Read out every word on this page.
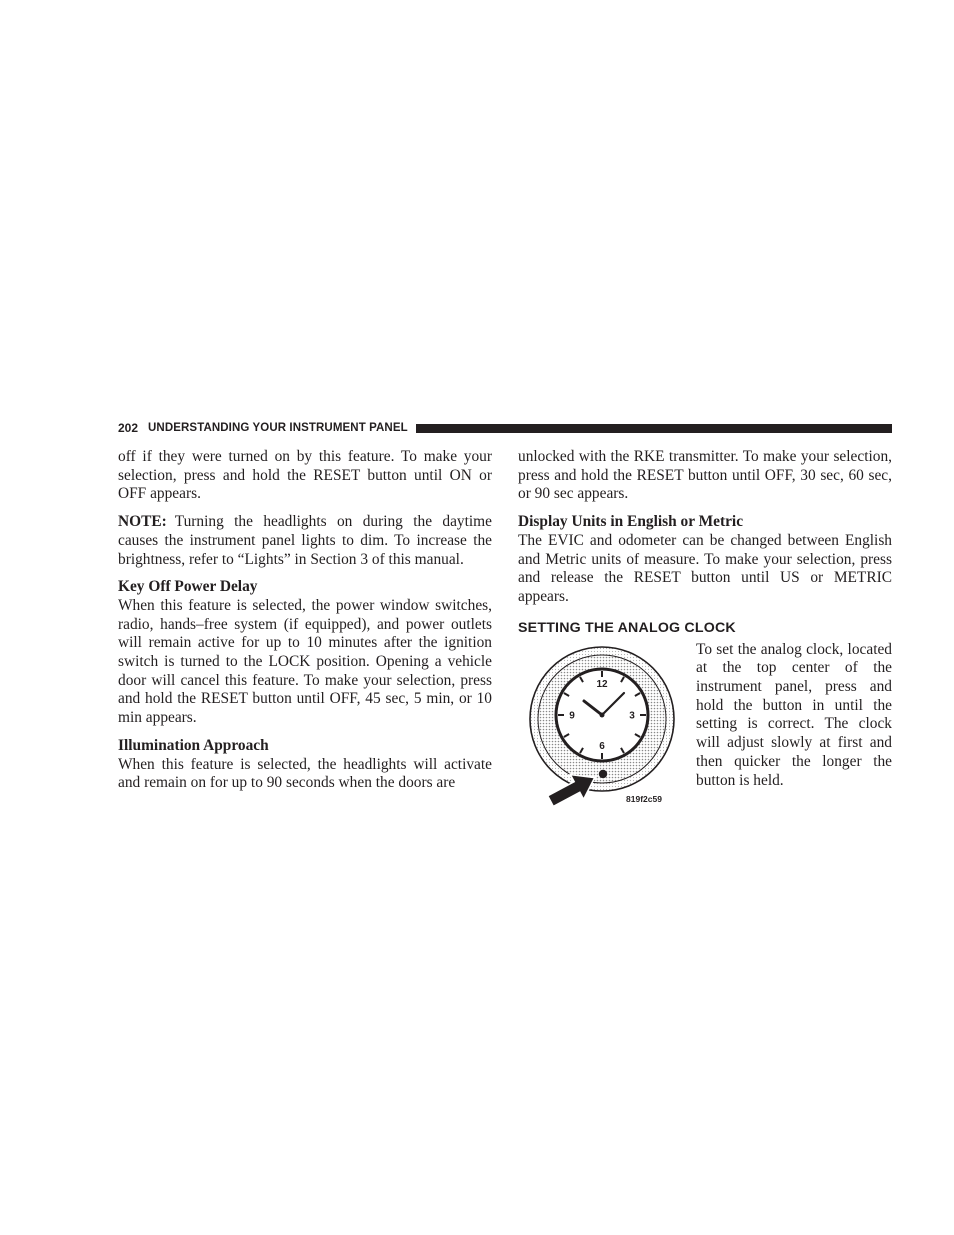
202 UNDERSTANDING YOUR INSTRUMENT PANEL

off if they were turned on by this feature. To make your selection, press and hold the RESET button until ON or OFF appears.

NOTE: Turning the headlights on during the daytime causes the instrument panel lights to dim. To increase the brightness, refer to “Lights” in Section 3 of this manual.

Key Off Power Delay

When this feature is selected, the power window switches, radio, hands–free system (if equipped), and power outlets will remain active for up to 10 minutes after the ignition switch is turned to the LOCK position. Opening a vehicle door will cancel this feature. To make your selection, press and hold the RESET button until OFF, 45 sec, 5 min, or 10 min appears.

Illumination Approach

When this feature is selected, the headlights will activate and remain on for up to 90 seconds when the doors are

unlocked with the RKE transmitter. To make your selection, press and hold the RESET button until OFF, 30 sec, 60 sec, or 90 sec appears.

Display Units in English or Metric

The EVIC and odometer can be changed between English and Metric units of measure. To make your selection, press and release the RESET button until US or METRIC appears.

SETTING THE ANALOG CLOCK
12
3
6
9
819f2c59

To set the analog clock, located at the top center of the instrument panel, press and hold the button in until the setting is correct. The clock will adjust slowly at first and then quicker the longer the button is held.
